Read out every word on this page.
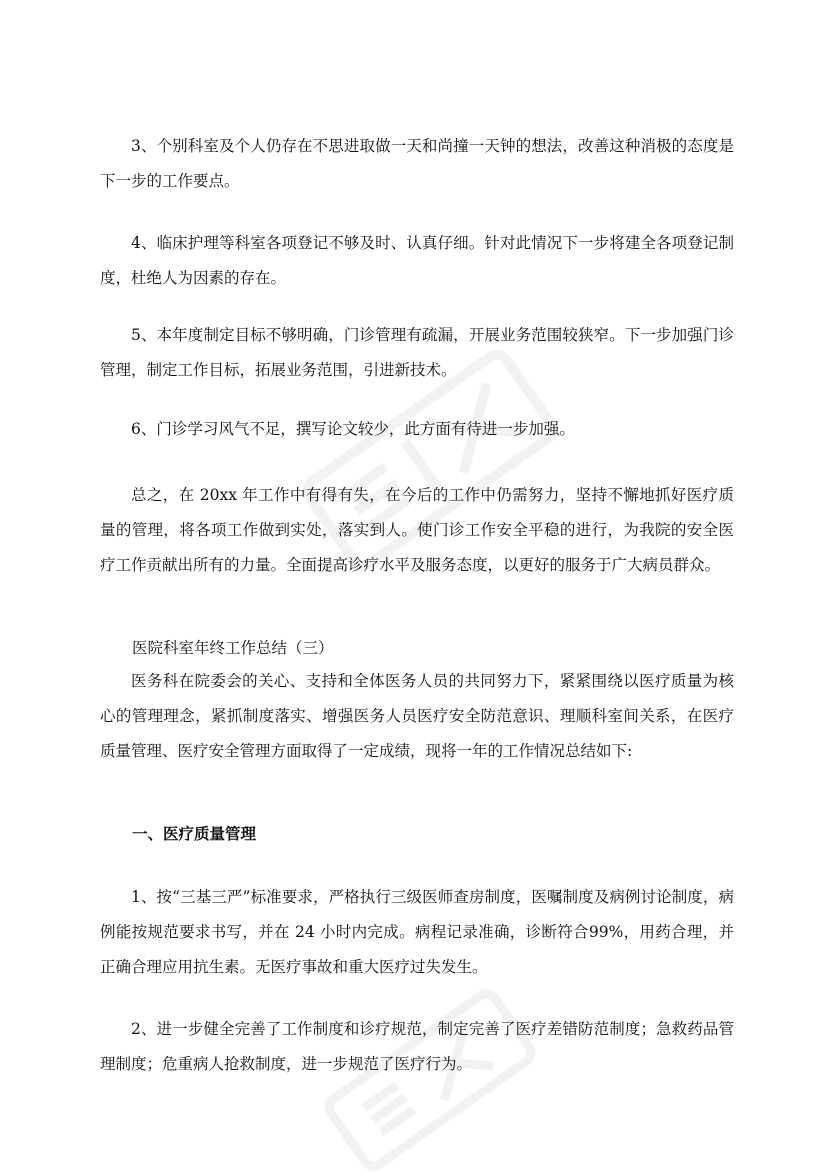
3、个别科室及个人仍存在不思进取做一天和尚撞一天钟的想法，改善这种消极的态度是下一步的工作要点。

4、临床护理等科室各项登记不够及时、认真仔细。针对此情况下一步将建全各项登记制度，杜绝人为因素的存在。

5、本年度制定目标不够明确，门诊管理有疏漏，开展业务范围较狭窄。下一步加强门诊管理，制定工作目标，拓展业务范围，引进新技术。

6、门诊学习风气不足，撰写论文较少，此方面有待进一步加强。

总之，在 20xx 年工作中有得有失，在今后的工作中仍需努力，坚持不懈地抓好医疗质量的管理，将各项工作做到实处，落实到人。使门诊工作安全平稳的进行，为我院的安全医疗工作贡献出所有的力量。全面提高诊疗水平及服务态度，以更好的服务于广大病员群众。

医院科室年终工作总结（三）

医务科在院委会的关心、支持和全体医务人员的共同努力下，紧紧围绕以医疗质量为核心的管理理念，紧抓制度落实、增强医务人员医疗安全防范意识、理顺科室间关系，在医疗质量管理、医疗安全管理方面取得了一定成绩，现将一年的工作情况总结如下:

一、医疗质量管理

1、按“三基三严”标准要求，严格执行三级医师查房制度，医嘱制度及病例讨论制度，病例能按规范要求书写，并在 24 小时内完成。病程记录准确，诊断符合99%，用药合理，并正确合理应用抗生素。无医疗事故和重大医疗过失发生。

2、进一步健全完善了工作制度和诊疗规范，制定完善了医疗差错防范制度；急救药品管理制度；危重病人抢救制度，进一步规范了医疗行为。
